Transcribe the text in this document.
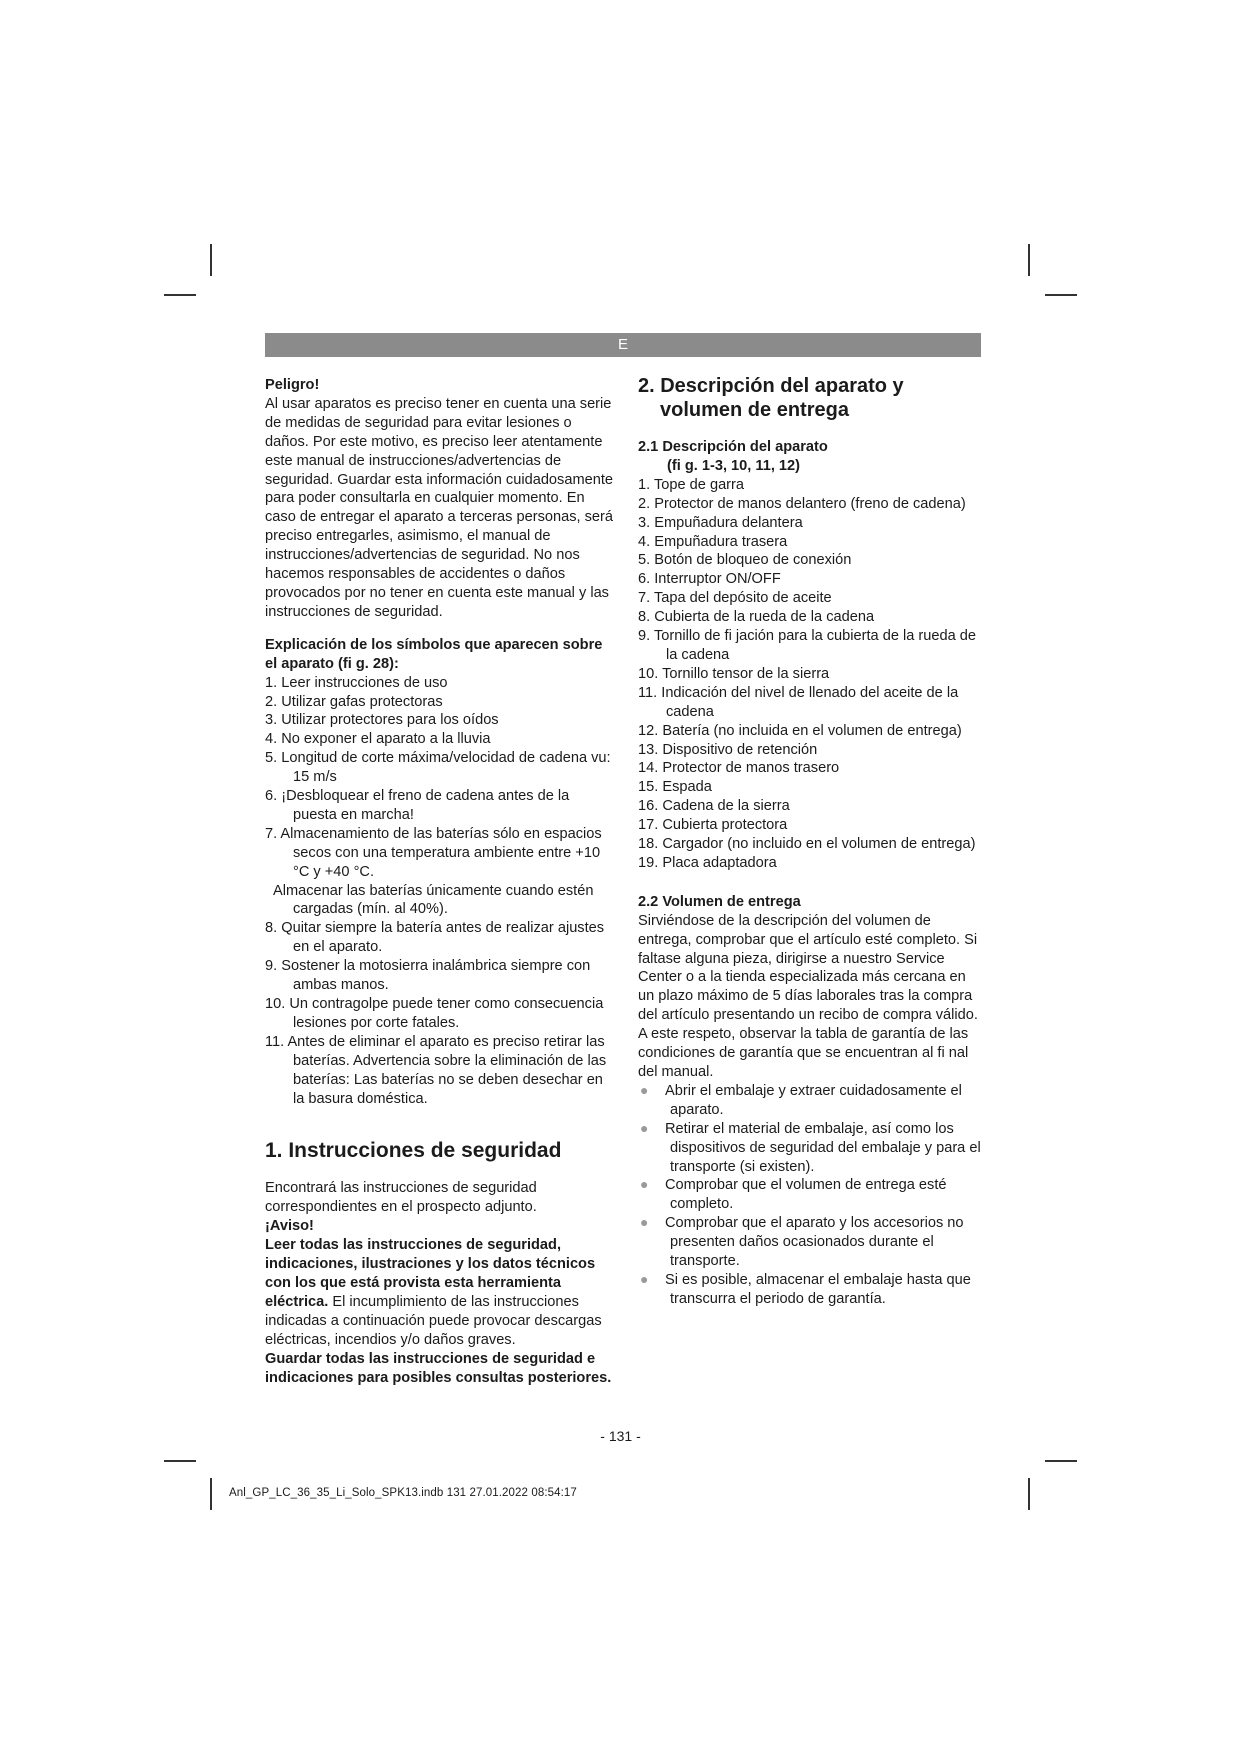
E

Peligro!

Al usar aparatos es preciso tener en cuenta una serie de medidas de seguridad para evitar lesiones o daños. Por este motivo, es preciso leer atentamente este manual de instrucciones/advertencias de seguridad. Guardar esta información cuidadosamente para poder consultarla en cualquier momento. En caso de entregar el aparato a terceras personas, será preciso entregarles, asimismo, el manual de instrucciones/advertencias de seguridad. No nos hacemos responsables de accidentes o daños provocados por no tener en cuenta este manual y las instrucciones de seguridad.

Explicación de los símbolos que aparecen sobre el aparato (fi g. 28):

1. Leer instrucciones de uso
2. Utilizar gafas protectoras
3. Utilizar protectores para los oídos
4. No exponer el aparato a la lluvia
5. Longitud de corte máxima/velocidad de cadena vu: 15 m/s
6. ¡Desbloquear el freno de cadena antes de la puesta en marcha!
7. Almacenamiento de las baterías sólo en espacios secos con una temperatura ambiente entre +10 °C y +40 °C.
Almacenar las baterías únicamente cuando estén cargadas (mín. al 40%).
8. Quitar siempre la batería antes de realizar ajustes en el aparato.
9. Sostener la motosierra inalámbrica siempre con ambas manos.
10. Un contragolpe puede tener como consecuencia lesiones por corte fatales.
11. Antes de eliminar el aparato es preciso retirar las baterías. Advertencia sobre la eliminación de las baterías: Las baterías no se deben desechar en la basura doméstica.

1. Instrucciones de seguridad

Encontrará las instrucciones de seguridad correspondientes en el prospecto adjunto.

¡Aviso!

Leer todas las instrucciones de seguridad, indicaciones, ilustraciones y los datos técnicos con los que está provista esta herramienta eléctrica. El incumplimiento de las instrucciones indicadas a continuación puede provocar descargas eléctricas, incendios y/o daños graves.

Guardar todas las instrucciones de seguridad e indicaciones para posibles consultas posteriores.

2. Descripción del aparato y volumen de entrega

2.1 Descripción del aparato
(fi g. 1-3, 10, 11, 12)

1. Tope de garra
2. Protector de manos delantero (freno de cadena)
3. Empuñadura delantera
4. Empuñadura trasera
5. Botón de bloqueo de conexión
6. Interruptor ON/OFF
7. Tapa del depósito de aceite
8. Cubierta de la rueda de la cadena
9. Tornillo de fi jación para la cubierta de la rueda de la cadena
10. Tornillo tensor de la sierra
11. Indicación del nivel de llenado del aceite de la cadena
12. Batería (no incluida en el volumen de entrega)
13. Dispositivo de retención
14. Protector de manos trasero
15. Espada
16. Cadena de la sierra
17. Cubierta protectora
18. Cargador (no incluido en el volumen de entrega)
19. Placa adaptadora

2.2 Volumen de entrega

Sirviéndose de la descripción del volumen de entrega, comprobar que el artículo esté completo. Si faltase alguna pieza, dirigirse a nuestro Service Center o a la tienda especializada más cercana en un plazo máximo de 5 días laborales tras la compra del artículo presentando un recibo de compra válido. A este respeto, observar la tabla de garantía de las condiciones de garantía que se encuentran al fi nal del manual.

● Abrir el embalaje y extraer cuidadosamente el aparato.
● Retirar el material de embalaje, así como los dispositivos de seguridad del embalaje y para el transporte (si existen).
● Comprobar que el volumen de entrega esté completo.
● Comprobar que el aparato y los accesorios no presenten daños ocasionados durante el transporte.
● Si es posible, almacenar el embalaje hasta que transcurra el periodo de garantía.
- 131 -
Anl_GP_LC_36_35_Li_Solo_SPK13.indb 131 27.01.2022 08:54:17
